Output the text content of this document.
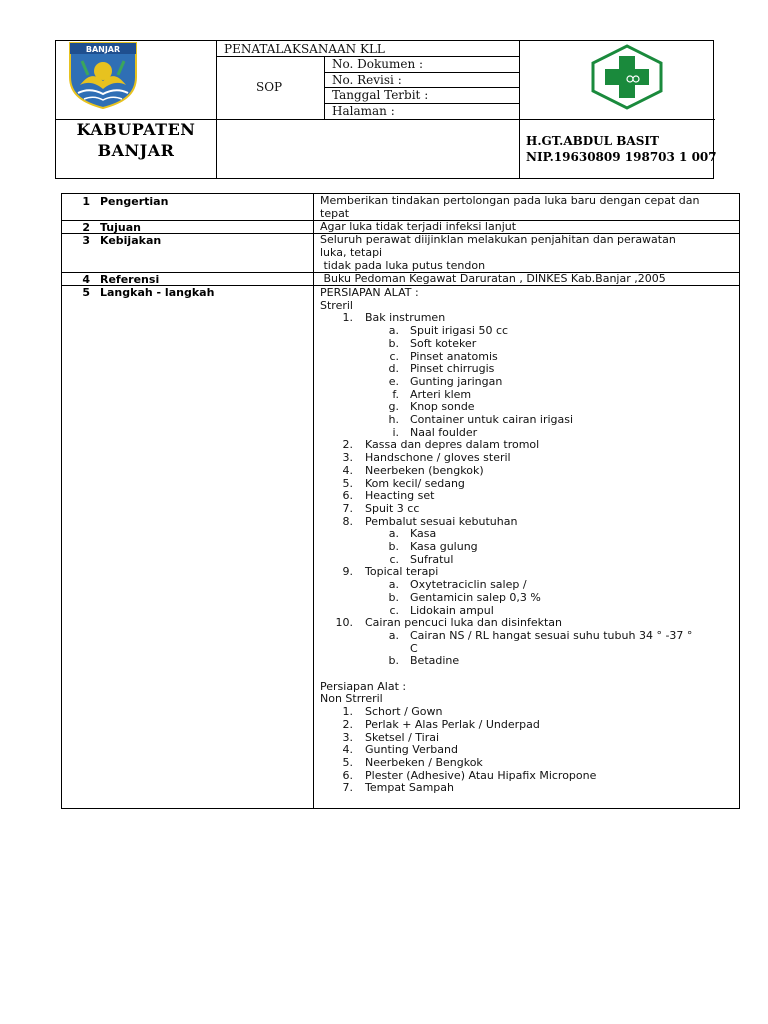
BANJAR	PENATALAKSANAAN KLL
SOP
No. Dokumen :
No. Revisi :
Tanggal Terbit :
Halaman :
KABUPATEN
BANJAR	H.GT.ABDUL BASIT
NIP.19630809 198703 1 007
1 Pengertian	Memberikan tindakan pertolongan pada luka baru dengan cepat dan
tepat
2 Tujuan	Agar luka tidak terjadi infeksi lanjut
3 Kebijakan	Seluruh perawat diijinklan melakukan penjahitan dan perawatan
luka, tetapi
tidak pada luka putus tendon
4 Referensi	Buku Pedoman Kegawat Daruratan , DINKES Kab.Banjar ,2005
5 Langkah - langkah	PERSIAPAN ALAT :
Streril
1. Bak instrumen
a. Spuit irigasi 50 cc
b. Soft koteker
c. Pinset anatomis
d. Pinset chirrugis
e. Gunting jaringan
f. Arteri klem
g. Knop sonde
h. Container untuk cairan irigasi
i. Naal foulder
2. Kassa dan depres dalam tromol
3. Handschone / gloves steril
4. Neerbeken (bengkok)
5. Kom kecil/ sedang
6. Heacting set
7. Spuit 3 cc
8. Pembalut sesuai kebutuhan
a. Kasa
b. Kasa gulung
c. Sufratul
9. Topical terapi
a. Oxytetraciclin salep /
b. Gentamicin salep 0,3 %
c. Lidokain ampul
10. Cairan pencuci luka dan disinfektan
a. Cairan NS / RL hangat sesuai suhu tubuh 34 ° -37 °
C
b. Betadine
Persiapan Alat :
Non Strreril
1. Schort / Gown
2. Perlak + Alas Perlak / Underpad
3. Sketsel / Tirai
4. Gunting Verband
5. Neerbeken / Bengkok
6. Plester (Adhesive) Atau Hipafix Micropone
7. Tempat Sampah
